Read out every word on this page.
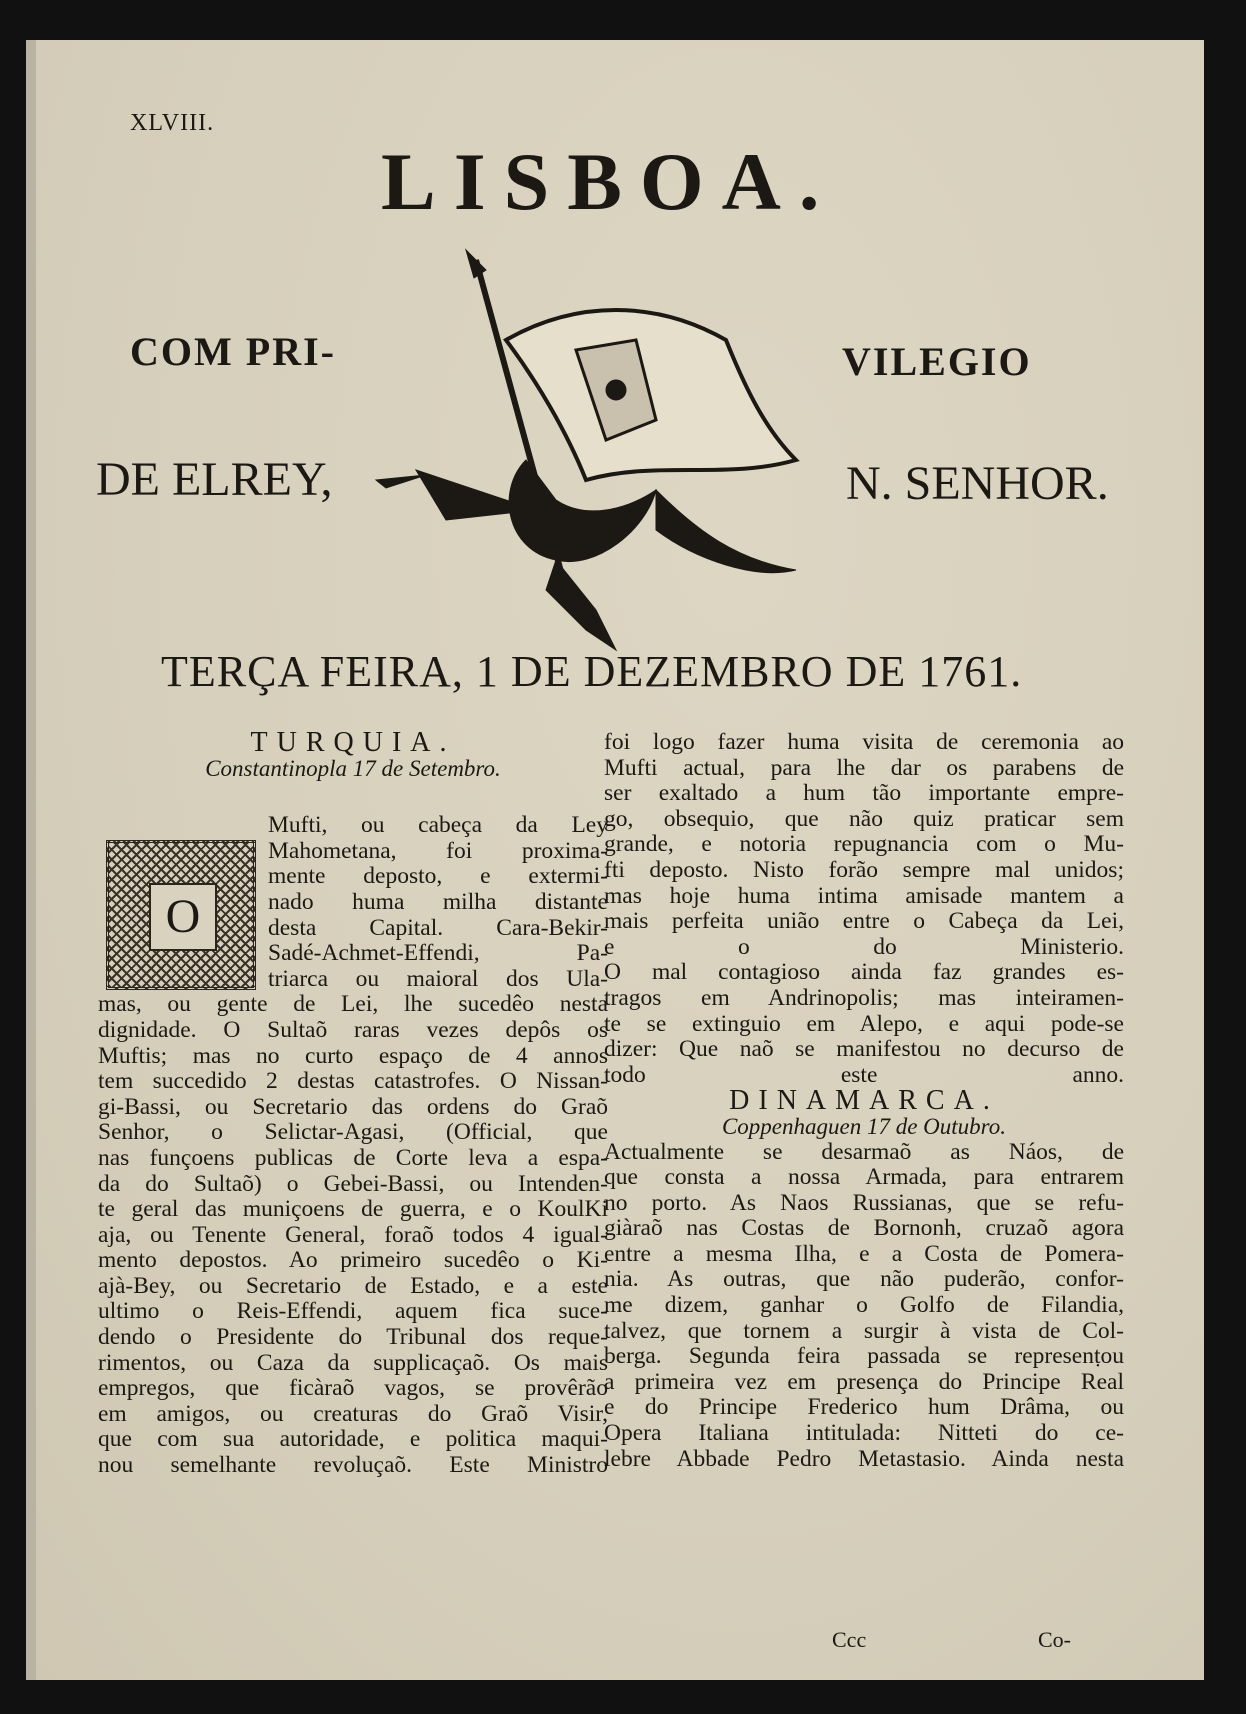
XLVIII.
LISBOA.
COM PRI-	VILEGIO
DE ELREY,	N. SENHOR.
TERÇA FEIRA, 1 DE DEZEMBRO DE 1761.
O
TURQUIA.
Constantinopla 17 de Setembro.
Mufti, ou cabeça da Ley
Mahometana, foi proxima-
mente deposto, e extermi-
nado huma milha distante
desta Capital. Cara-Bekir-
Sadé-Achmet-Effendi, Pa-
triarca ou maioral dos Ula-
mas, ou gente de Lei, lhe sucedêo nesta
dignidade. O Sultaõ raras vezes depôs os
Muftis; mas no curto espaço de 4 annos
tem succedido 2 destas catastrofes. O Nissan-
gi-Bassi, ou Secretario das ordens do Graõ
Senhor, o Selictar-Agasi, (Official, que
nas funçoens publicas de Corte leva a espa-
da do Sultaõ) o Gebei-Bassi, ou Intenden-
te geral das muniçoens de guerra, e o KoulKi
aja, ou Tenente General, foraõ todos 4 igual-
mento depostos. Ao primeiro sucedêo o Ki-
ajà-Bey, ou Secretario de Estado, e a este
ultimo o Reis-Effendi, aquem fica suce-
dendo o Presidente do Tribunal dos reque-
rimentos, ou Caza da supplicaçaõ. Os mais
empregos, que ficàraõ vagos, se provêrão
em amigos, ou creaturas do Graõ Visir,
que com sua autoridade, e politica maqui-
nou semelhante revoluçaõ. Este Ministro
foi logo fazer huma visita de ceremonia ao
Mufti actual, para lhe dar os parabens de
ser exaltado a hum tão importante empre-
go, obsequio, que não quiz praticar sem
grande, e notoria repugnancia com o Mu-
fti deposto. Nisto forão sempre mal unidos;
mas hoje huma intima amisade mantem a
mais perfeita união entre o Cabeça da Lei,
e o do Ministerio.
O mal contagioso ainda faz grandes es-
tragos em Andrinopolis; mas inteiramen-
te se extinguio em Alepo, e aqui pode-se
dizer: Que naõ se manifestou no decurso de
todo este anno.
DINAMARCA.
Coppenhaguen 17 de Outubro.
Actualmente se desarmaõ as Náos, de
que consta a nossa Armada, para entrarem
no porto. As Naos Russianas, que se refu-
giàraõ nas Costas de Bornonh, cruzaõ agora
entre a mesma Ilha, e a Costa de Pomera-
nia. As outras, que não puderão, confor-
me dizem, ganhar o Golfo de Filandia,
talvez, que tornem a surgir à vista de Col-
berga. Segunda feira passada se represenṭou
a primeira vez em presença do Principe Real
e do Principe Frederico hum Drâma, ou
Opera Italiana intitulada: Nitteti do ce-
lebre Abbade Pedro Metastasio. Ainda nesta
Ccc	Co-
